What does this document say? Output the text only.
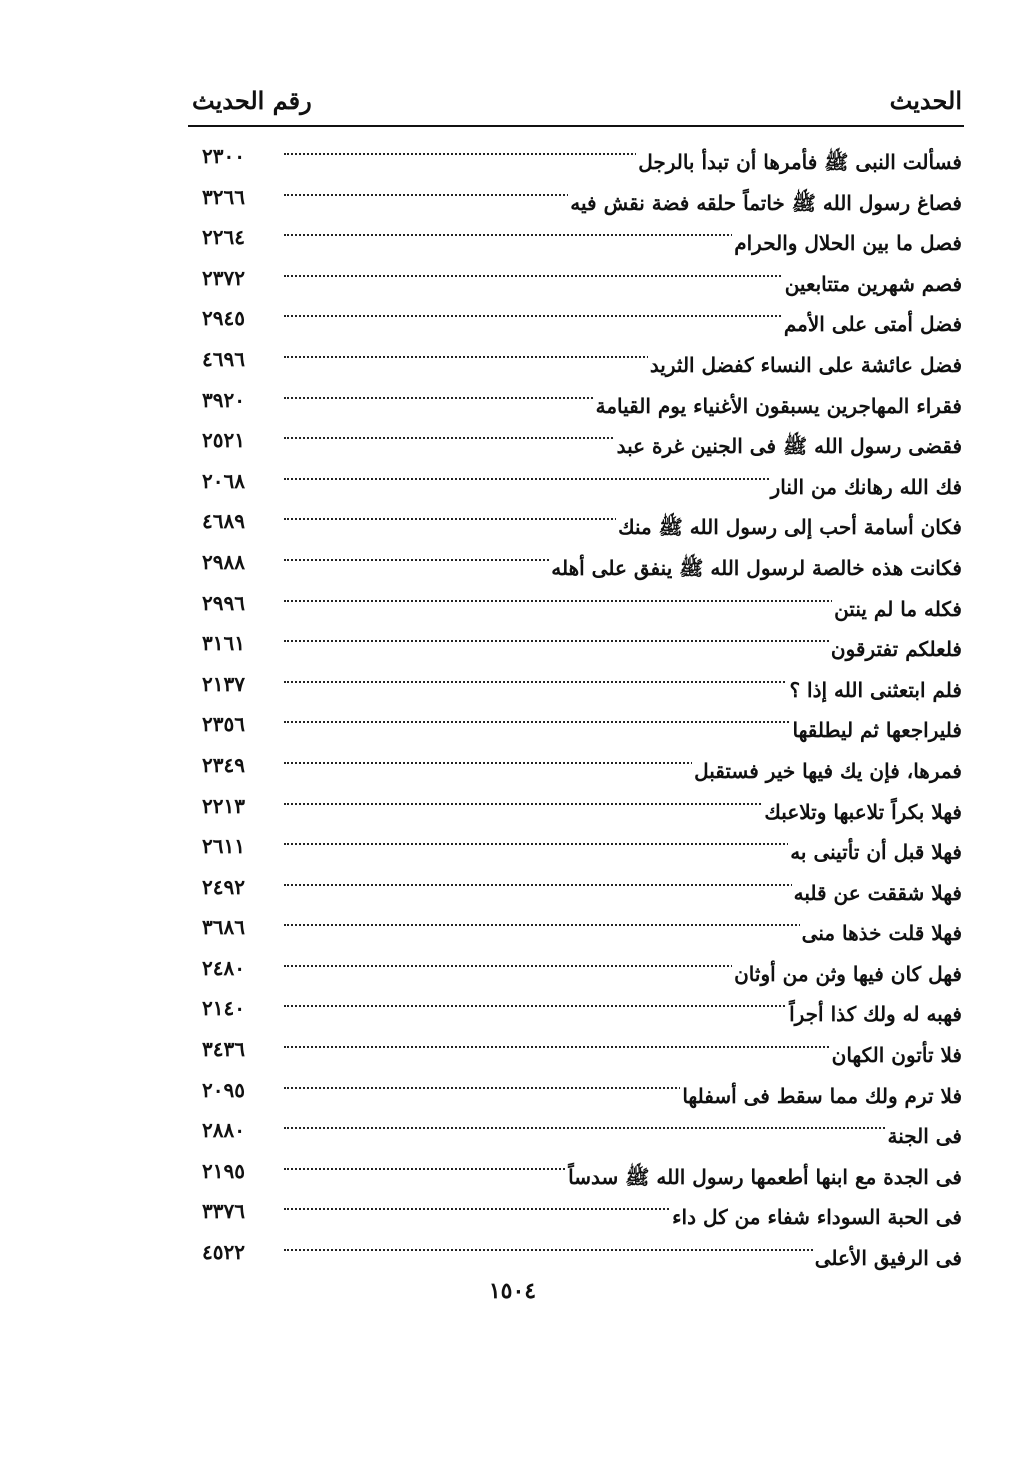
الحديث
رقم الحديث
فسألت النبى ﷺ فأمرها أن تبدأ بالرجل
٢٣٠٠
فصاغ رسول الله ﷺ خاتماً حلقه فضة نقش فيه
٣٢٦٦
فصل ما بين الحلال والحرام
٢٢٦٤
فصم شهرين متتابعين
٢٣٧٢
فضل أمتى على الأمم
٢٩٤٥
فضل عائشة على النساء كفضل الثريد
٤٦٩٦
فقراء المهاجرين يسبقون الأغنياء يوم القيامة
٣٩٢٠
فقضى رسول الله ﷺ فى الجنين غرة عبد
٢٥٢١
فك الله رهانك من النار
٢٠٦٨
فكان أسامة أحب إلى رسول الله ﷺ منك
٤٦٨٩
فكانت هذه خالصة لرسول الله ﷺ ينفق على أهله
٢٩٨٨
فكله ما لم ينتن
٢٩٩٦
فلعلكم تفترقون
٣١٦١
فلم ابتعثنى الله إذا ؟
٢١٣٧
فليراجعها ثم ليطلقها
٢٣٥٦
فمرها، فإن يك فيها خير فستقبل
٢٣٤٩
فهلا بكراً تلاعبها وتلاعبك
٢٢١٣
فهلا قبل أن تأتينى به
٢٦١١
فهلا شققت عن قلبه
٢٤٩٢
فهلا قلت خذها منى
٣٦٨٦
فهل كان فيها وثن من أوثان
٢٤٨٠
فهبه له ولك كذا أجراً
٢١٤٠
فلا تأتون الكهان
٣٤٣٦
فلا ترم ولك مما سقط فى أسفلها
٢٠٩٥
فى الجنة
٢٨٨٠
فى الجدة مع ابنها أطعمها رسول الله ﷺ سدساً
٢١٩٥
فى الحبة السوداء شفاء من كل داء
٣٣٧٦
فى الرفيق الأعلى
٤٥٢٢
١٥٠٤
